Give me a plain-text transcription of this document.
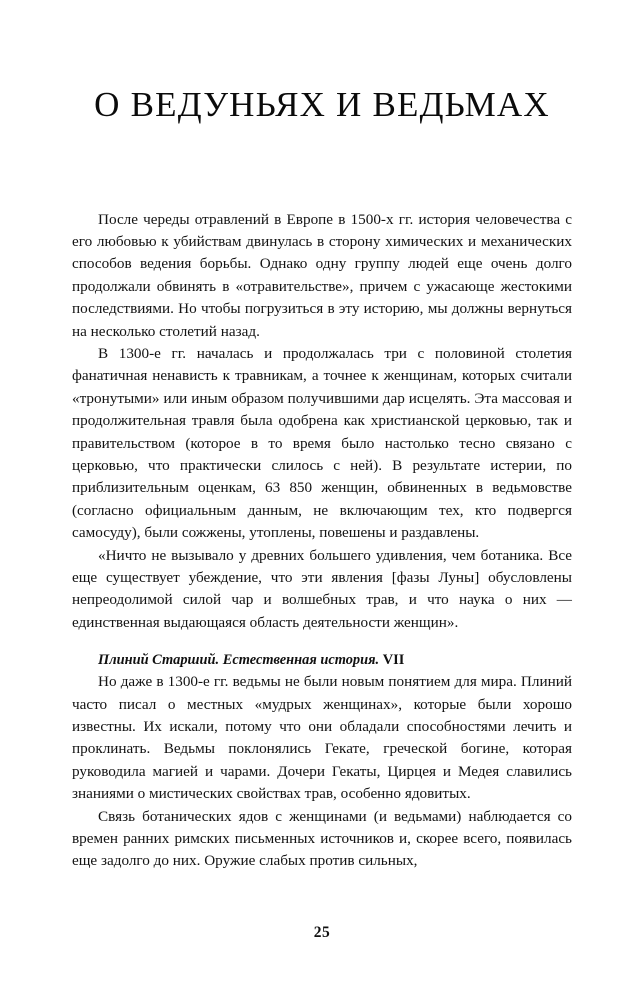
О ВЕДУНЬЯХ И ВЕДЬМАХ

После череды отравлений в Европе в 1500-х гг. история человечества с его любовью к убийствам двинулась в сторону химических и механических способов ведения борьбы. Однако одну группу людей еще очень долго продолжали обвинять в «отравительстве», причем с ужасающе жестокими последствиями. Но чтобы погрузиться в эту историю, мы должны вернуться на несколько столетий назад.

В 1300-е гг. началась и продолжалась три с половиной столетия фанатичная ненависть к травникам, а точнее к женщинам, которых считали «тронутыми» или иным образом получившими дар исцелять. Эта массовая и продолжительная травля была одобрена как христианской церковью, так и правительством (которое в то время было настолько тесно связано с церковью, что практически слилось с ней). В результате истерии, по приблизительным оценкам, 63 850 женщин, обвиненных в ведьмовстве (согласно официальным данным, не включающим тех, кто подвергся самосуду), были сожжены, утоплены, повешены и раздавлены.

«Ничто не вызывало у древних большего удивления, чем ботаника. Все еще существует убеждение, что эти явления [фазы Луны] обусловлены непреодолимой силой чар и волшебных трав, и что наука о них — единственная выдающаяся область деятельности женщин».

Плиний Старший. Естественная история. VII

Но даже в 1300-е гг. ведьмы не были новым понятием для мира. Плиний часто писал о местных «мудрых женщинах», которые были хорошо известны. Их искали, потому что они обладали способностями лечить и проклинать. Ведьмы поклонялись Гекате, греческой богине, которая руководила магией и чарами. Дочери Гекаты, Цирцея и Медея славились знаниями о мистических свойствах трав, особенно ядовитых.

Связь ботанических ядов с женщинами (и ведьмами) наблюдается со времен ранних римских письменных источников и, скорее всего, появилась еще задолго до них. Оружие слабых против сильных,

25
